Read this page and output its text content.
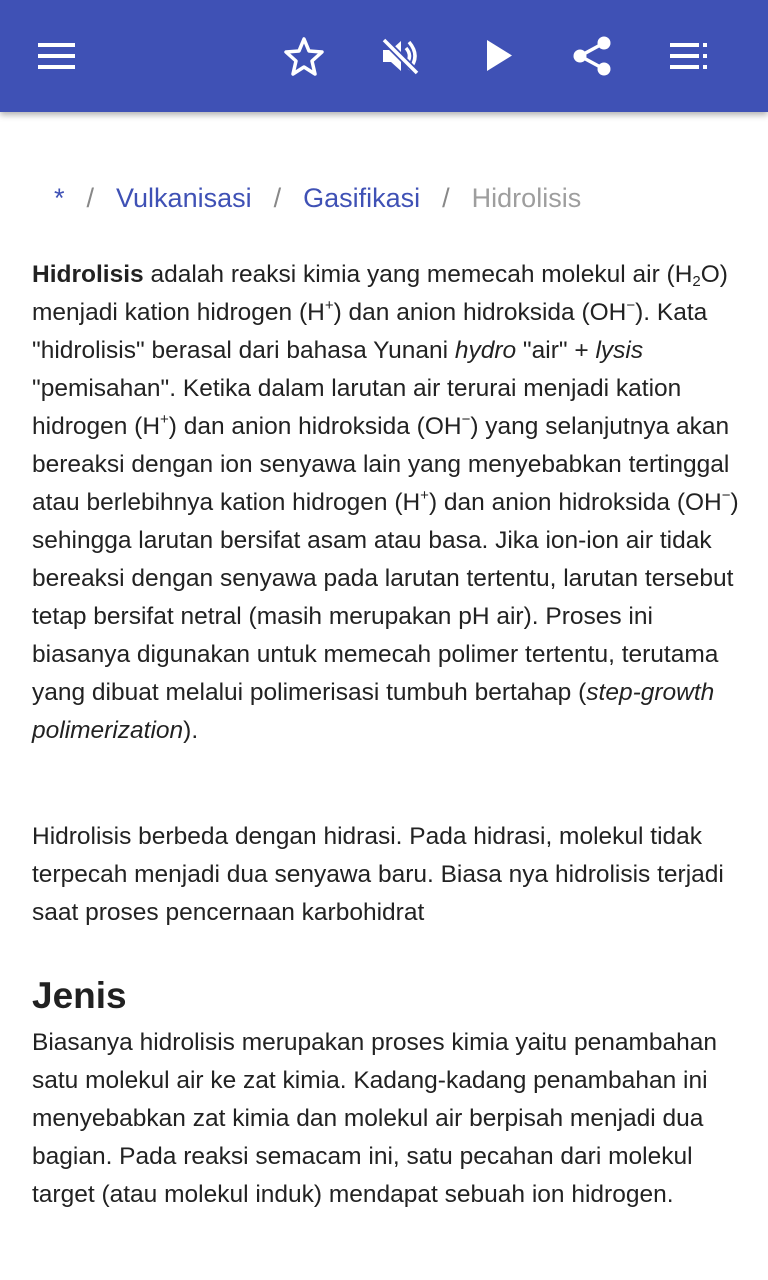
* / Vulkanisasi / Gasifikasi / Hidrolisis
Hidrolisis adalah reaksi kimia yang memecah molekul air $(H_2O)$ menjadi kation hidrogen (H+) dan anion hidroksida (OH−). Kata "hidrolisis" berasal dari bahasa Yunani hydro "air" + lysis "pemisahan". Ketika dalam larutan air terurai menjadi kation hidrogen (H+) dan anion hidroksida (OH−) yang selanjutnya akan bereaksi dengan ion senyawa lain yang menyebabkan tertinggal atau berlebihnya kation hidrogen (H+) dan anion hidroksida (OH−) sehingga larutan bersifat asam atau basa. Jika ion-ion air tidak bereaksi dengan senyawa pada larutan tertentu, larutan tersebut tetap bersifat netral (masih merupakan pH air). Proses ini biasanya digunakan untuk memecah polimer tertentu, terutama yang dibuat melalui polimerisasi tumbuh bertahap (step-growth polimerization).
Hidrolisis berbeda dengan hidrasi. Pada hidrasi, molekul tidak terpecah menjadi dua senyawa baru. Biasa nya hidrolisis terjadi saat proses pencernaan karbohidrat
Jenis
Biasanya hidrolisis merupakan proses kimia yaitu penambahan satu molekul air ke zat kimia. Kadang-kadang penambahan ini menyebabkan zat kimia dan molekul air berpisah menjadi dua bagian. Pada reaksi semacam ini, satu pecahan dari molekul target (atau molekul induk) mendapat sebuah ion hidrogen.
